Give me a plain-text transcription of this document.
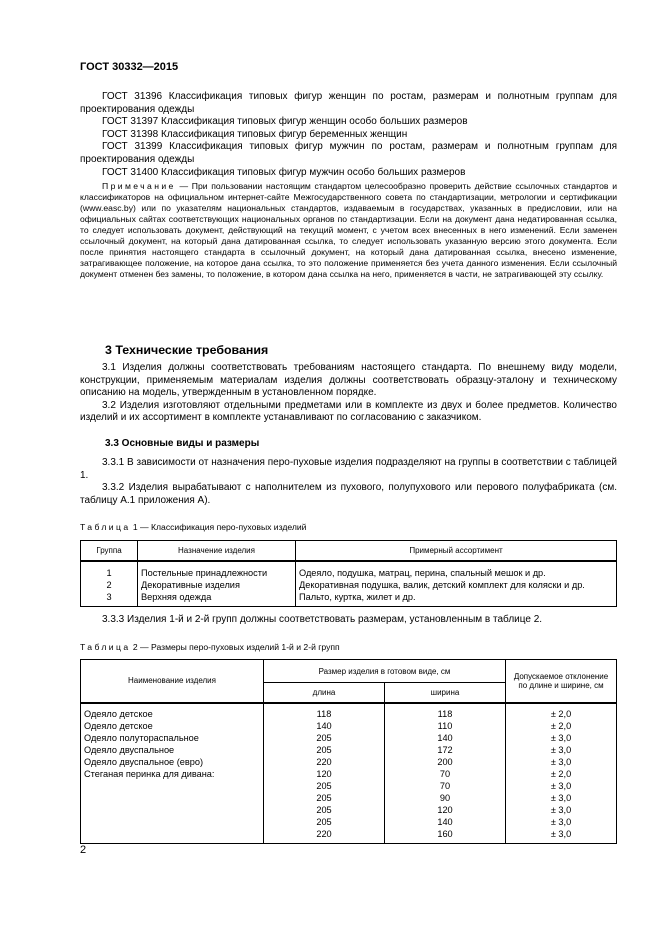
ГОСТ 30332—2015

ГОСТ 31396 Классификация типовых фигур женщин по ростам, размерам и полнотным группам для проектирования одежды

ГОСТ 31397 Классификация типовых фигур женщин особо больших размеров

ГОСТ 31398 Классификация типовых фигур беременных женщин

ГОСТ 31399 Классификация типовых фигур мужчин по ростам, размерам и полнотным группам для проектирования одежды

ГОСТ 31400 Классификация типовых фигур мужчин особо больших размеров

Примечание — При пользовании настоящим стандартом целесообразно проверить действие ссылочных стандартов и классификаторов на официальном интернет-сайте Межгосударственного совета по стандартизации, метрологии и сертификации (www.easc.by) или по указателям национальных стандартов, издаваемым в государствах, указанных в предисловии, или на официальных сайтах соответствующих национальных органов по стандартизации. Если на документ дана недатированная ссылка, то следует использовать документ, действующий на текущий момент, с учетом всех внесенных в него изменений. Если заменен ссылочный документ, на который дана датированная ссылка, то следует использовать указанную версию этого документа. Если после принятия настоящего стандарта в ссылочный документ, на который дана датированная ссылка, внесено изменение, затрагивающее положение, на которое дана ссылка, то это положение применяется без учета данного изменения. Если ссылочный документ отменен без замены, то положение, в котором дана ссылка на него, применяется в части, не затрагивающей эту ссылку.

3 Технические требования

3.1 Изделия должны соответствовать требованиям настоящего стандарта. По внешнему виду модели, конструкции, применяемым материалам изделия должны соответствовать образцу-эталону и техническому описанию на модель, утвержденным в установленном порядке.

3.2 Изделия изготовляют отдельными предметами или в комплекте из двух и более предметов. Количество изделий и их ассортимент в комплекте устанавливают по согласованию с заказчиком.

3.3 Основные виды и размеры

3.3.1 В зависимости от назначения перо-пуховые изделия подразделяют на группы в соответствии с таблицей 1.

3.3.2 Изделия вырабатывают с наполнителем из пухового, полупухового или перового полуфабриката (см. таблицу А.1 приложения А).

Таблица 1 — Классификация перо-пуховых изделий
Группа	Назначение изделия	Примерный ассортимент
1	Постельные принадлежности	Одеяло, подушка, матрац, перина, спальный мешок и др.
2	Декоративные изделия	Декоративная подушка, валик, детский комплект для коляски и др.
3	Верхняя одежда	Пальто, куртка, жилет и др.

3.3.3 Изделия 1-й и 2-й групп должны соответствовать размерам, установленным в таблице 2.

Таблица 2 — Размеры перо-пуховых изделий 1-й и 2-й групп
Наименование изделия	Размер изделия в готовом виде, см		Допускаемое отклонение
по длине и ширине, см
	длина	ширина	
Одеяло детское	118	118	± 2,0
Одеяло детское	140	110	± 2,0
Одеяло полутораспальное	205	140	± 3,0
Одеяло двуспальное	205	172	± 3,0
Одеяло двуспальное (евро)	220	200	± 3,0
Стеганая перинка для дивана:	120	70	± 2,0
	205	70	± 3,0
	205	90	± 3,0
	205	120	± 3,0
	205	140	± 3,0
	220	160	± 3,0
2
